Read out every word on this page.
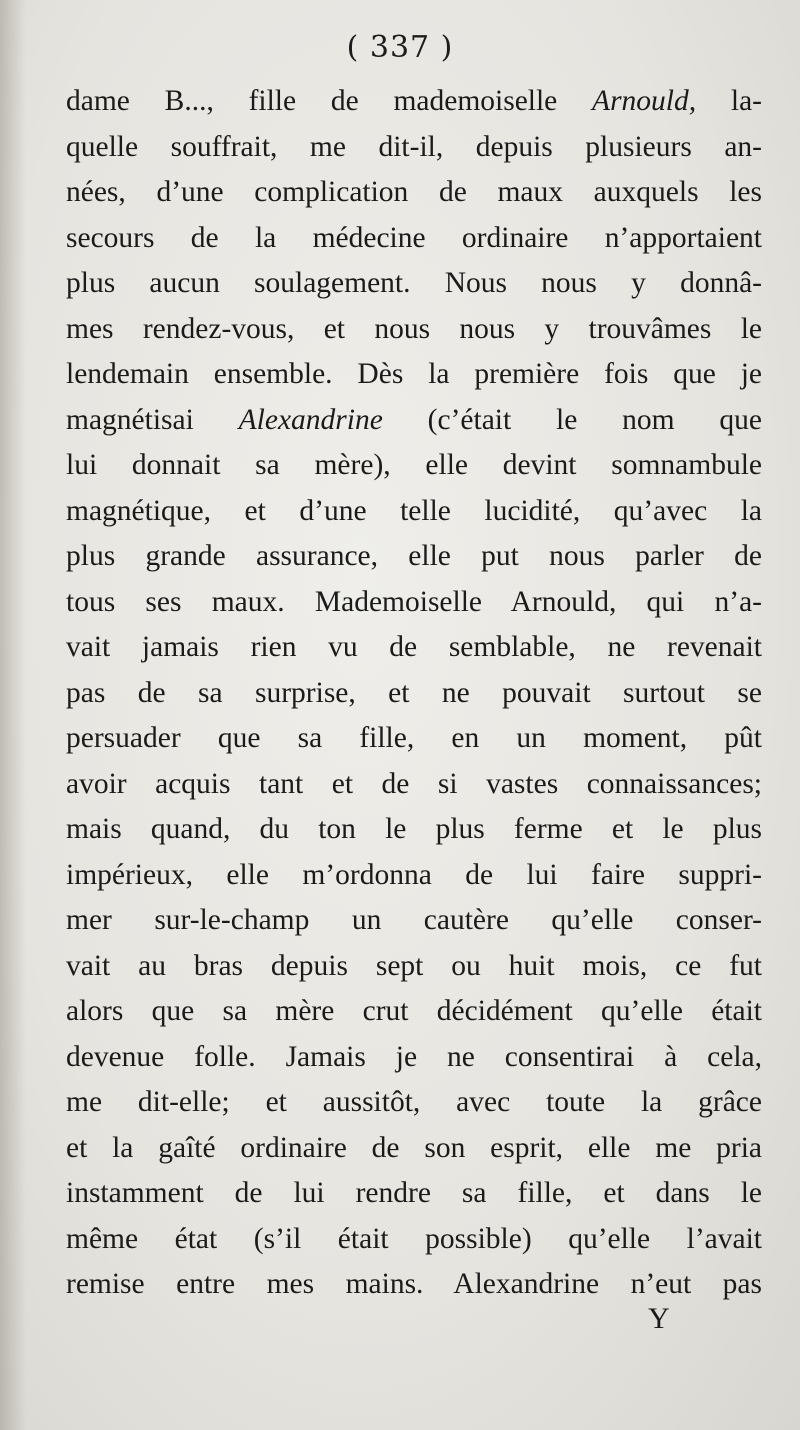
( 337 )
dame B..., fille de mademoiselle Arnould, la-
quelle souffrait, me dit-il, depuis plusieurs an-
nées, d’une complication de maux auxquels les
secours de la médecine ordinaire n’apportaient
plus aucun soulagement. Nous nous y donnâ-
mes rendez-vous, et nous nous y trouvâmes le
lendemain ensemble. Dès la première fois que je
magnétisai Alexandrine (c’était le nom que
lui donnait sa mère), elle devint somnambule
magnétique, et d’une telle lucidité, qu’avec la
plus grande assurance, elle put nous parler de
tous ses maux. Mademoiselle Arnould, qui n’a-
vait jamais rien vu de semblable, ne revenait
pas de sa surprise, et ne pouvait surtout se
persuader que sa fille, en un moment, pût
avoir acquis tant et de si vastes connaissances;
mais quand, du ton le plus ferme et le plus
impérieux, elle m’ordonna de lui faire suppri-
mer sur-le-champ un cautère qu’elle conser-
vait au bras depuis sept ou huit mois, ce fut
alors que sa mère crut décidément qu’elle était
devenue folle. Jamais je ne consentirai à cela,
me dit-elle; et aussitôt, avec toute la grâce
et la gaîté ordinaire de son esprit, elle me pria
instamment de lui rendre sa fille, et dans le
même état (s’il était possible) qu’elle l’avait
remise entre mes mains. Alexandrine n’eut pas
Y
